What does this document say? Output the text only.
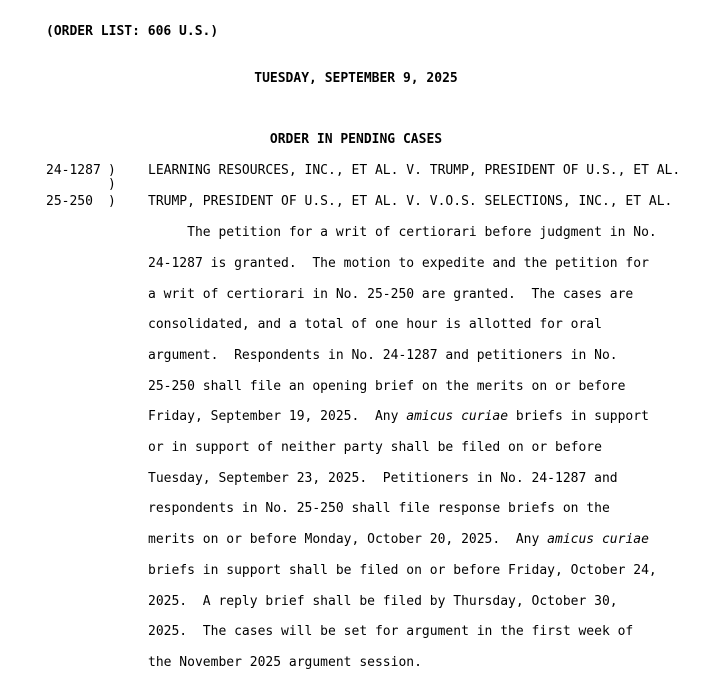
(ORDER LIST: 606 U.S.)
TUESDAY, SEPTEMBER 9, 2025
ORDER IN PENDING CASES
24-1287 ) LEARNING RESOURCES, INC., ET AL. V. TRUMP, PRESIDENT OF U.S., ET AL.
)
25-250 ) TRUMP, PRESIDENT OF U.S., ET AL. V. V.O.S. SELECTIONS, INC., ET AL.
The petition for a writ of certiorari before judgment in No.
24-1287 is granted.  The motion to expedite and the petition for
a writ of certiorari in No. 25-250 are granted.  The cases are
consolidated, and a total of one hour is allotted for oral
argument.  Respondents in No. 24-1287 and petitioners in No.
25-250 shall file an opening brief on the merits on or before
Friday, September 19, 2025.  Any amicus curiae briefs in support
or in support of neither party shall be filed on or before
Tuesday, September 23, 2025.  Petitioners in No. 24-1287 and
respondents in No. 25-250 shall file response briefs on the
merits on or before Monday, October 20, 2025.  Any amicus curiae
briefs in support shall be filed on or before Friday, October 24,
2025.  A reply brief shall be filed by Thursday, October 30,
2025.  The cases will be set for argument in the first week of
the November 2025 argument session.
